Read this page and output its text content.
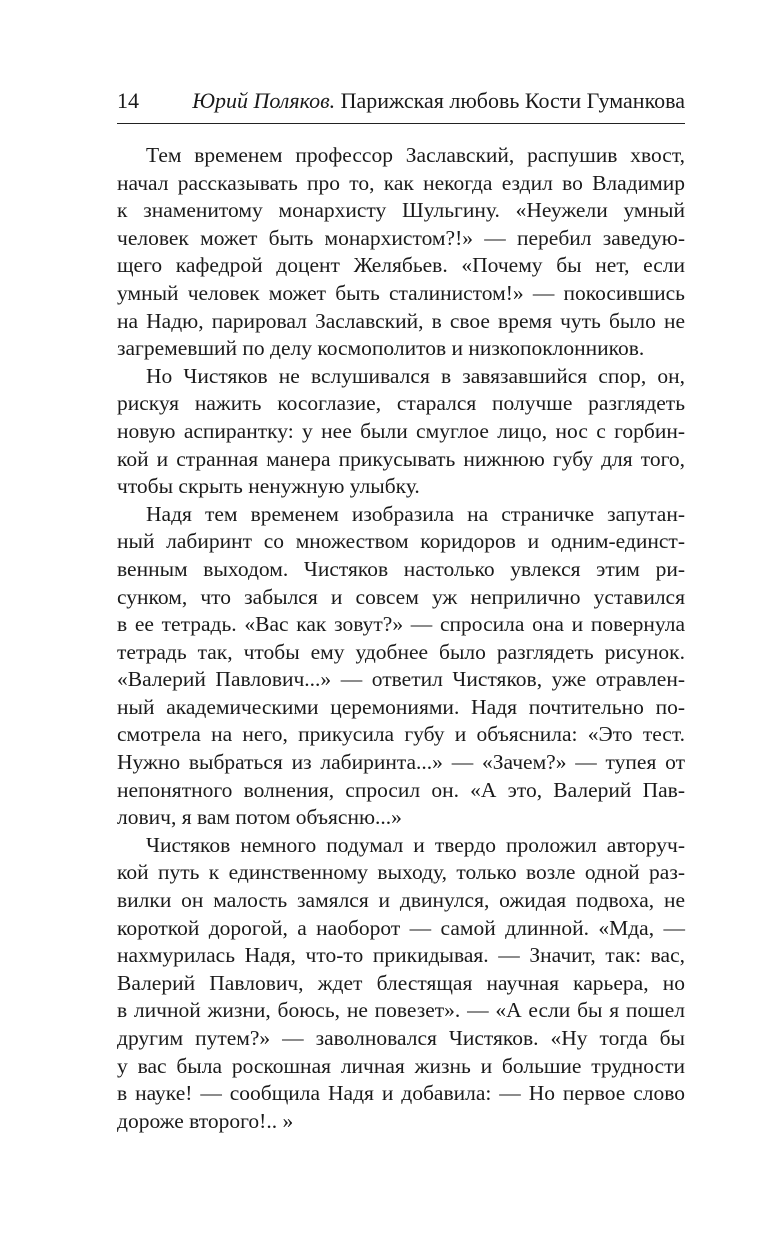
14 Юрий Поляков. Парижская любовь Кости Гуманкова
Тем временем профессор Заславский, распушив хвост,
начал рассказывать про то, как некогда ездил во Владимир
к знаменитому монархисту Шульгину. «Неужели умный
человек может быть монархистом?!» — перебил заведую-
щего кафедрой доцент Желябьев. «Почему бы нет, если
умный человек может быть сталинистом!» — покосившись
на Надю, парировал Заславский, в свое время чуть было не
загремевший по делу космополитов и низкопоклонников.
Но Чистяков не вслушивался в завязавшийся спор, он,
рискуя нажить косоглазие, старался получше разглядеть
новую аспирантку: у нее были смуглое лицо, нос с горбин-
кой и странная манера прикусывать нижнюю губу для того,
чтобы скрыть ненужную улыбку.
Надя тем временем изобразила на страничке запутан-
ный лабиринт со множеством коридоров и одним-единст-
венным выходом. Чистяков настолько увлекся этим ри-
сунком, что забылся и совсем уж неприлично уставился
в ее тетрадь. «Вас как зовут?» — спросила она и повернула
тетрадь так, чтобы ему удобнее было разглядеть рисунок.
«Валерий Павлович...» — ответил Чистяков, уже отравлен-
ный академическими церемониями. Надя почтительно по-
смотрела на него, прикусила губу и объяснила: «Это тест.
Нужно выбраться из лабиринта...» — «Зачем?» — тупея от
непонятного волнения, спросил он. «А это, Валерий Пав-
лович, я вам потом объясню...»
Чистяков немного подумал и твердо проложил авторуч-
кой путь к единственному выходу, только возле одной раз-
вилки он малость замялся и двинулся, ожидая подвоха, не
короткой дорогой, а наоборот — самой длинной. «Мда, —
нахмурилась Надя, что-то прикидывая. — Значит, так: вас,
Валерий Павлович, ждет блестящая научная карьера, но
в личной жизни, боюсь, не повезет». — «А если бы я пошел
другим путем?» — заволновался Чистяков. «Ну тогда бы
у вас была роскошная личная жизнь и большие трудности
в науке! — сообщила Надя и добавила: — Но первое слово
дороже второго!.. »
